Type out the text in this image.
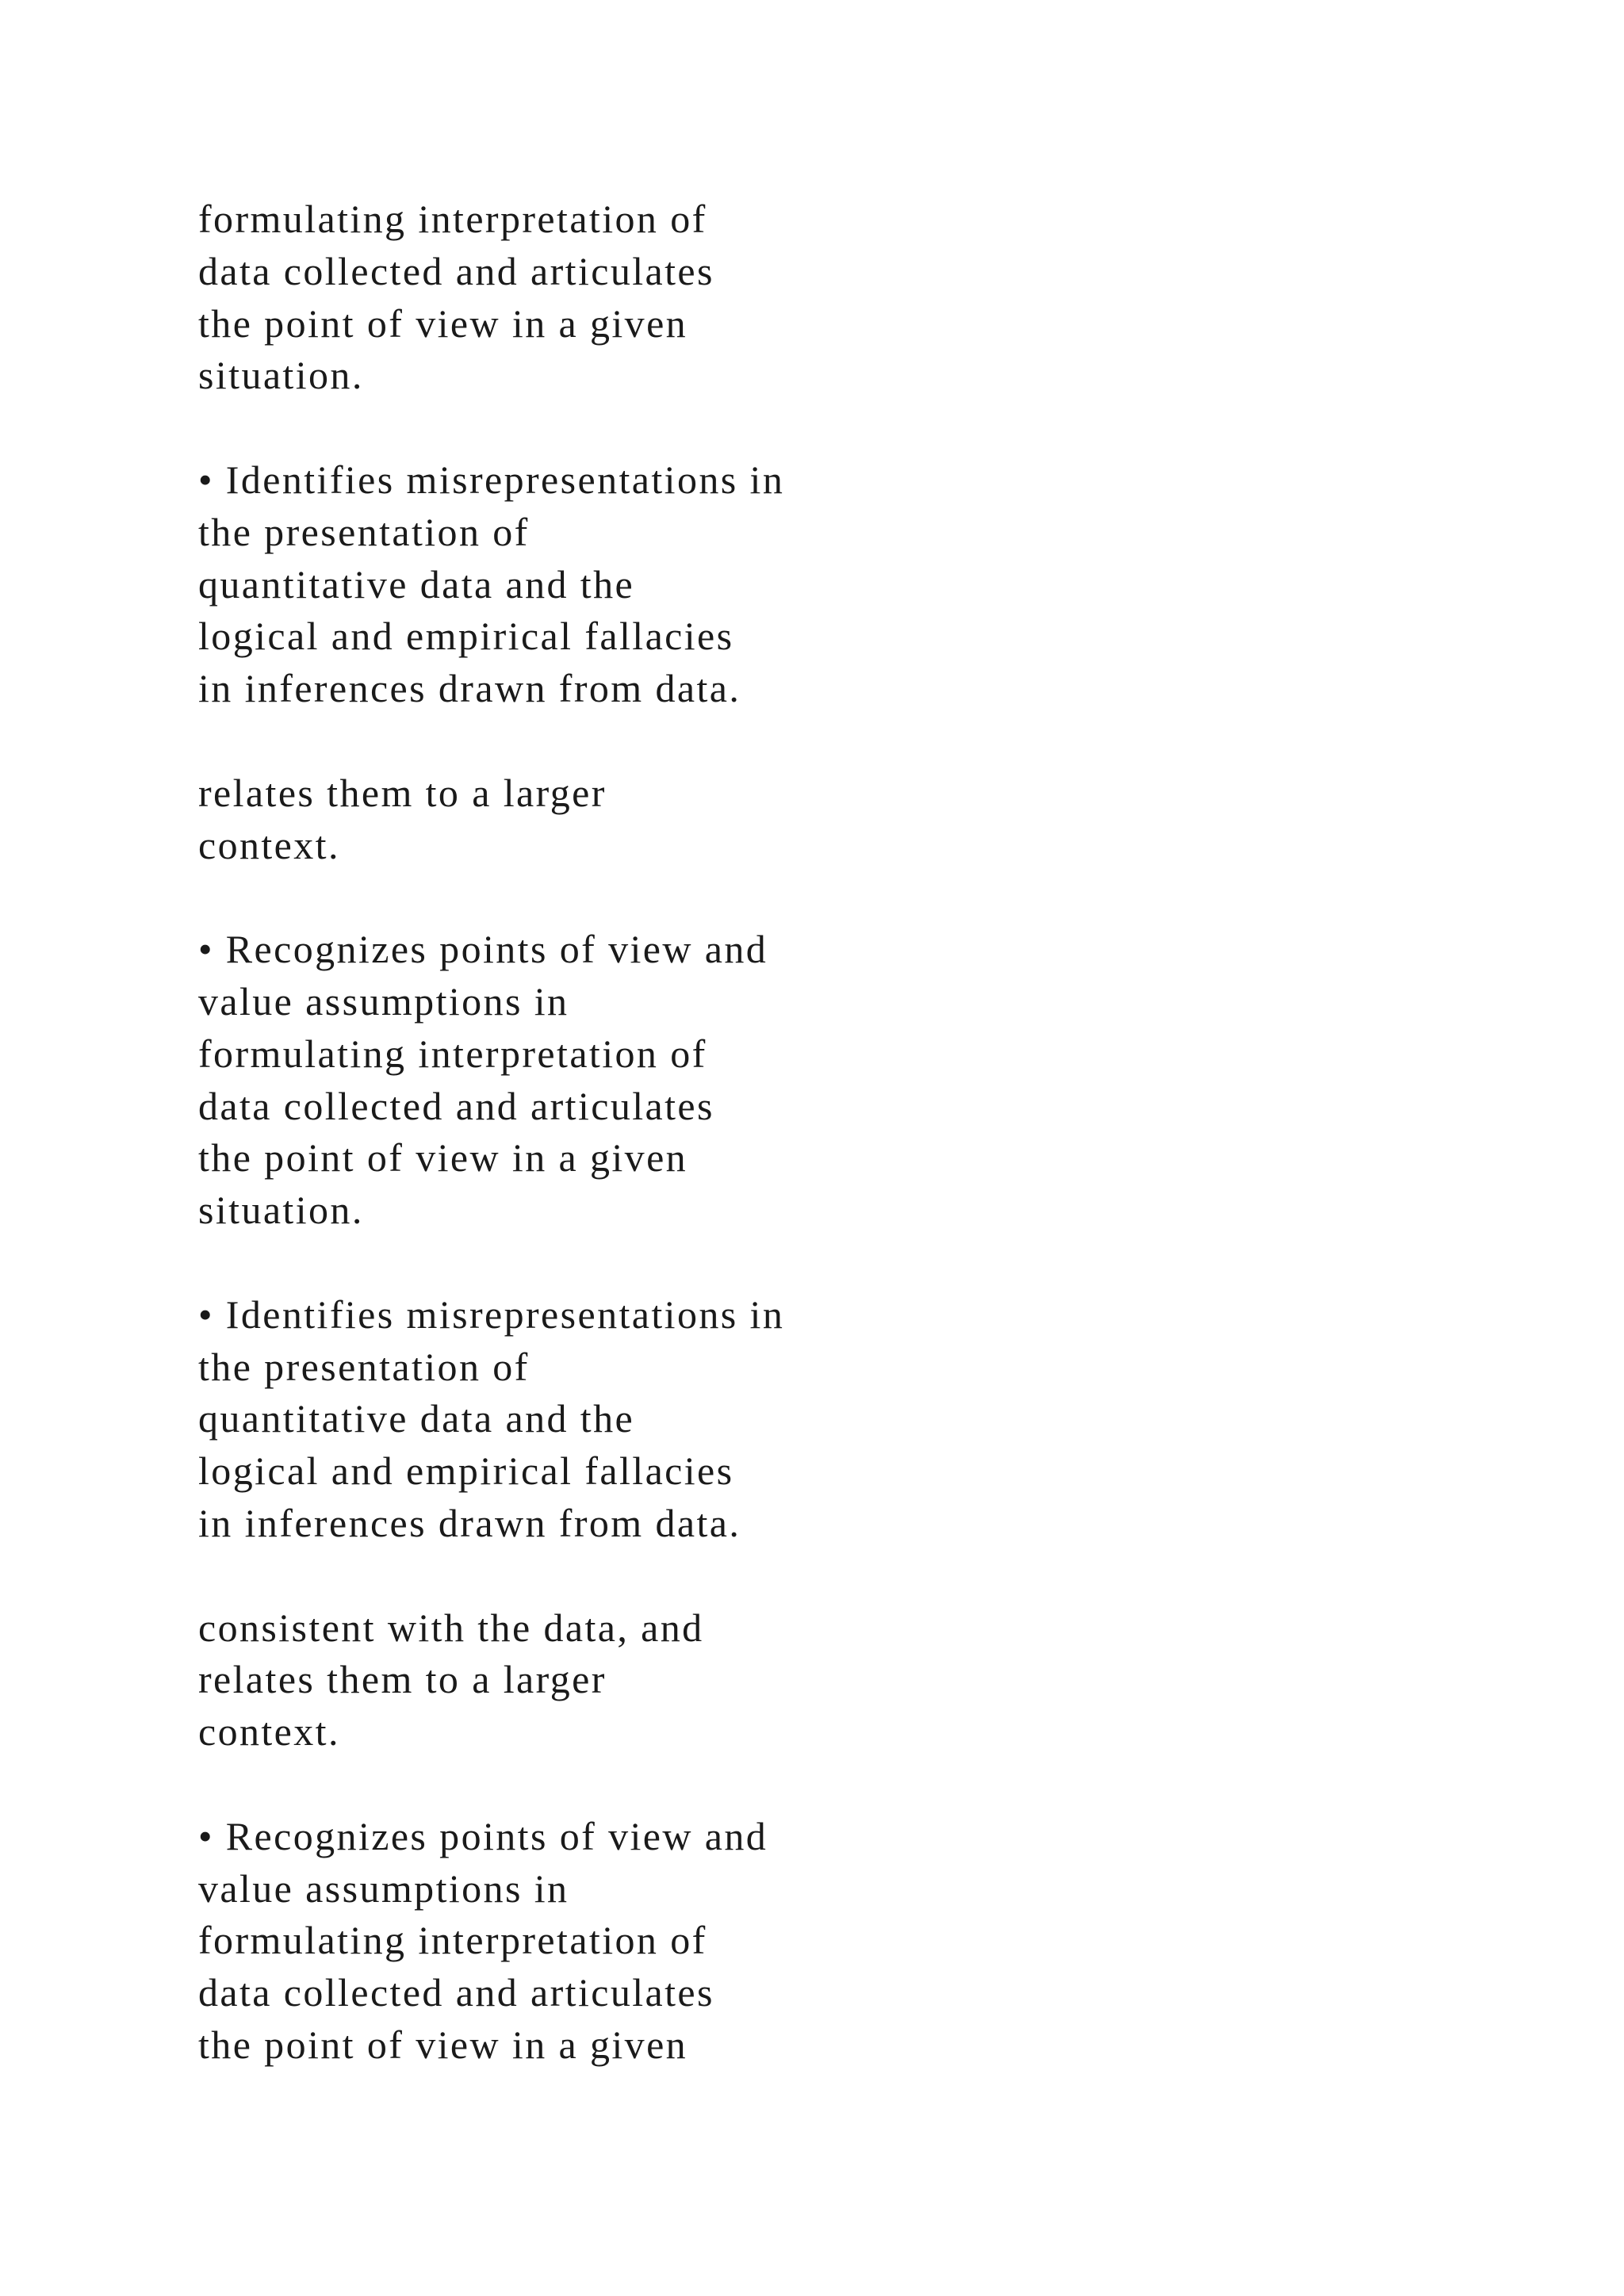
formulating interpretation of
data collected and articulates
the point of view in a given
situation.

• Identifies misrepresentations in
the presentation of
quantitative data and the
logical and empirical fallacies
in inferences drawn from data.

relates them to a larger
context.

• Recognizes points of view and
value assumptions in
formulating interpretation of
data collected and articulates
the point of view in a given
situation.

• Identifies misrepresentations in
the presentation of
quantitative data and the
logical and empirical fallacies
in inferences drawn from data.

consistent with the data, and
relates them to a larger
context.

• Recognizes points of view and
value assumptions in
formulating interpretation of
data collected and articulates
the point of view in a given
